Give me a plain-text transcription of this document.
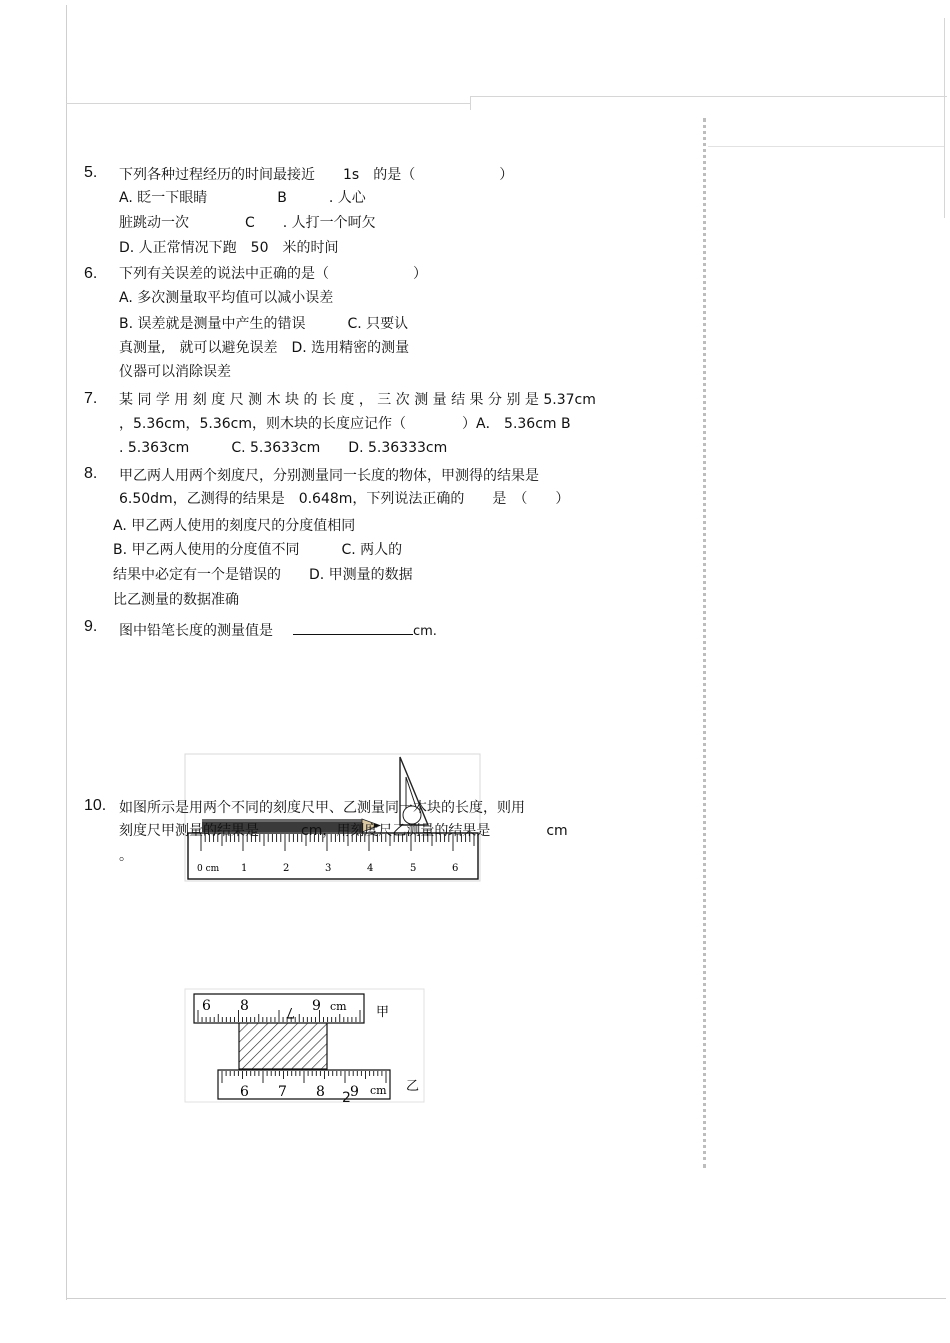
5. 下列各种过程经历的时间最接近　　1s　的是（　　　　　　）
A. 眨一下眼睛　　　　　B　　　. 人心
脏跳动一次　　　　C　　. 人打一个呵欠
D. 人正常情况下跑　50　米的时间
6. 下列有关误差的说法中正确的是（　　　　　　）
A. 多次测量取平均值可以减小误差
B. 误差就是测量中产生的错误　　　C. 只要认
真测量,　就可以避免误差　D. 选用精密的测量
仪器可以消除误差
7. 某 同 学 用 刻 度 尺 测 木 块 的 长 度 ， 三 次 测 量 结 果 分 别 是 5.37cm
，5.36cm，5.36cm，则木块的长度应记作（　　　　）A． 5.36cm B
. 5.363cm　　　C. 5.3633cm　　D. 5.36333cm
8. 甲乙两人用两个刻度尺，分别测量同一长度的物体，甲测得的结果是
6.50dm，乙测得的结果是　0.648m，下列说法正确的　　是　（　　）
A. 甲乙两人使用的刻度尺的分度值相同
B. 甲乙两人使用的分度值不同　　　C. 两人的
结果中必定有一个是错误的　　D. 甲测量的数据
比乙测量的数据准确
9. 图中铅笔长度的测量值是	cm.
0 cm 1	2	3	4	5	6
10. 如图所示是用两个不同的刻度尺甲、乙测量同一木块的长度，则用
刻度尺甲测量的结果是　　　cm，用刻度尺乙测量的结果是　　　　cm
。
6 8	7 9 cm 甲
6 7 8 9 cm 乙
2
